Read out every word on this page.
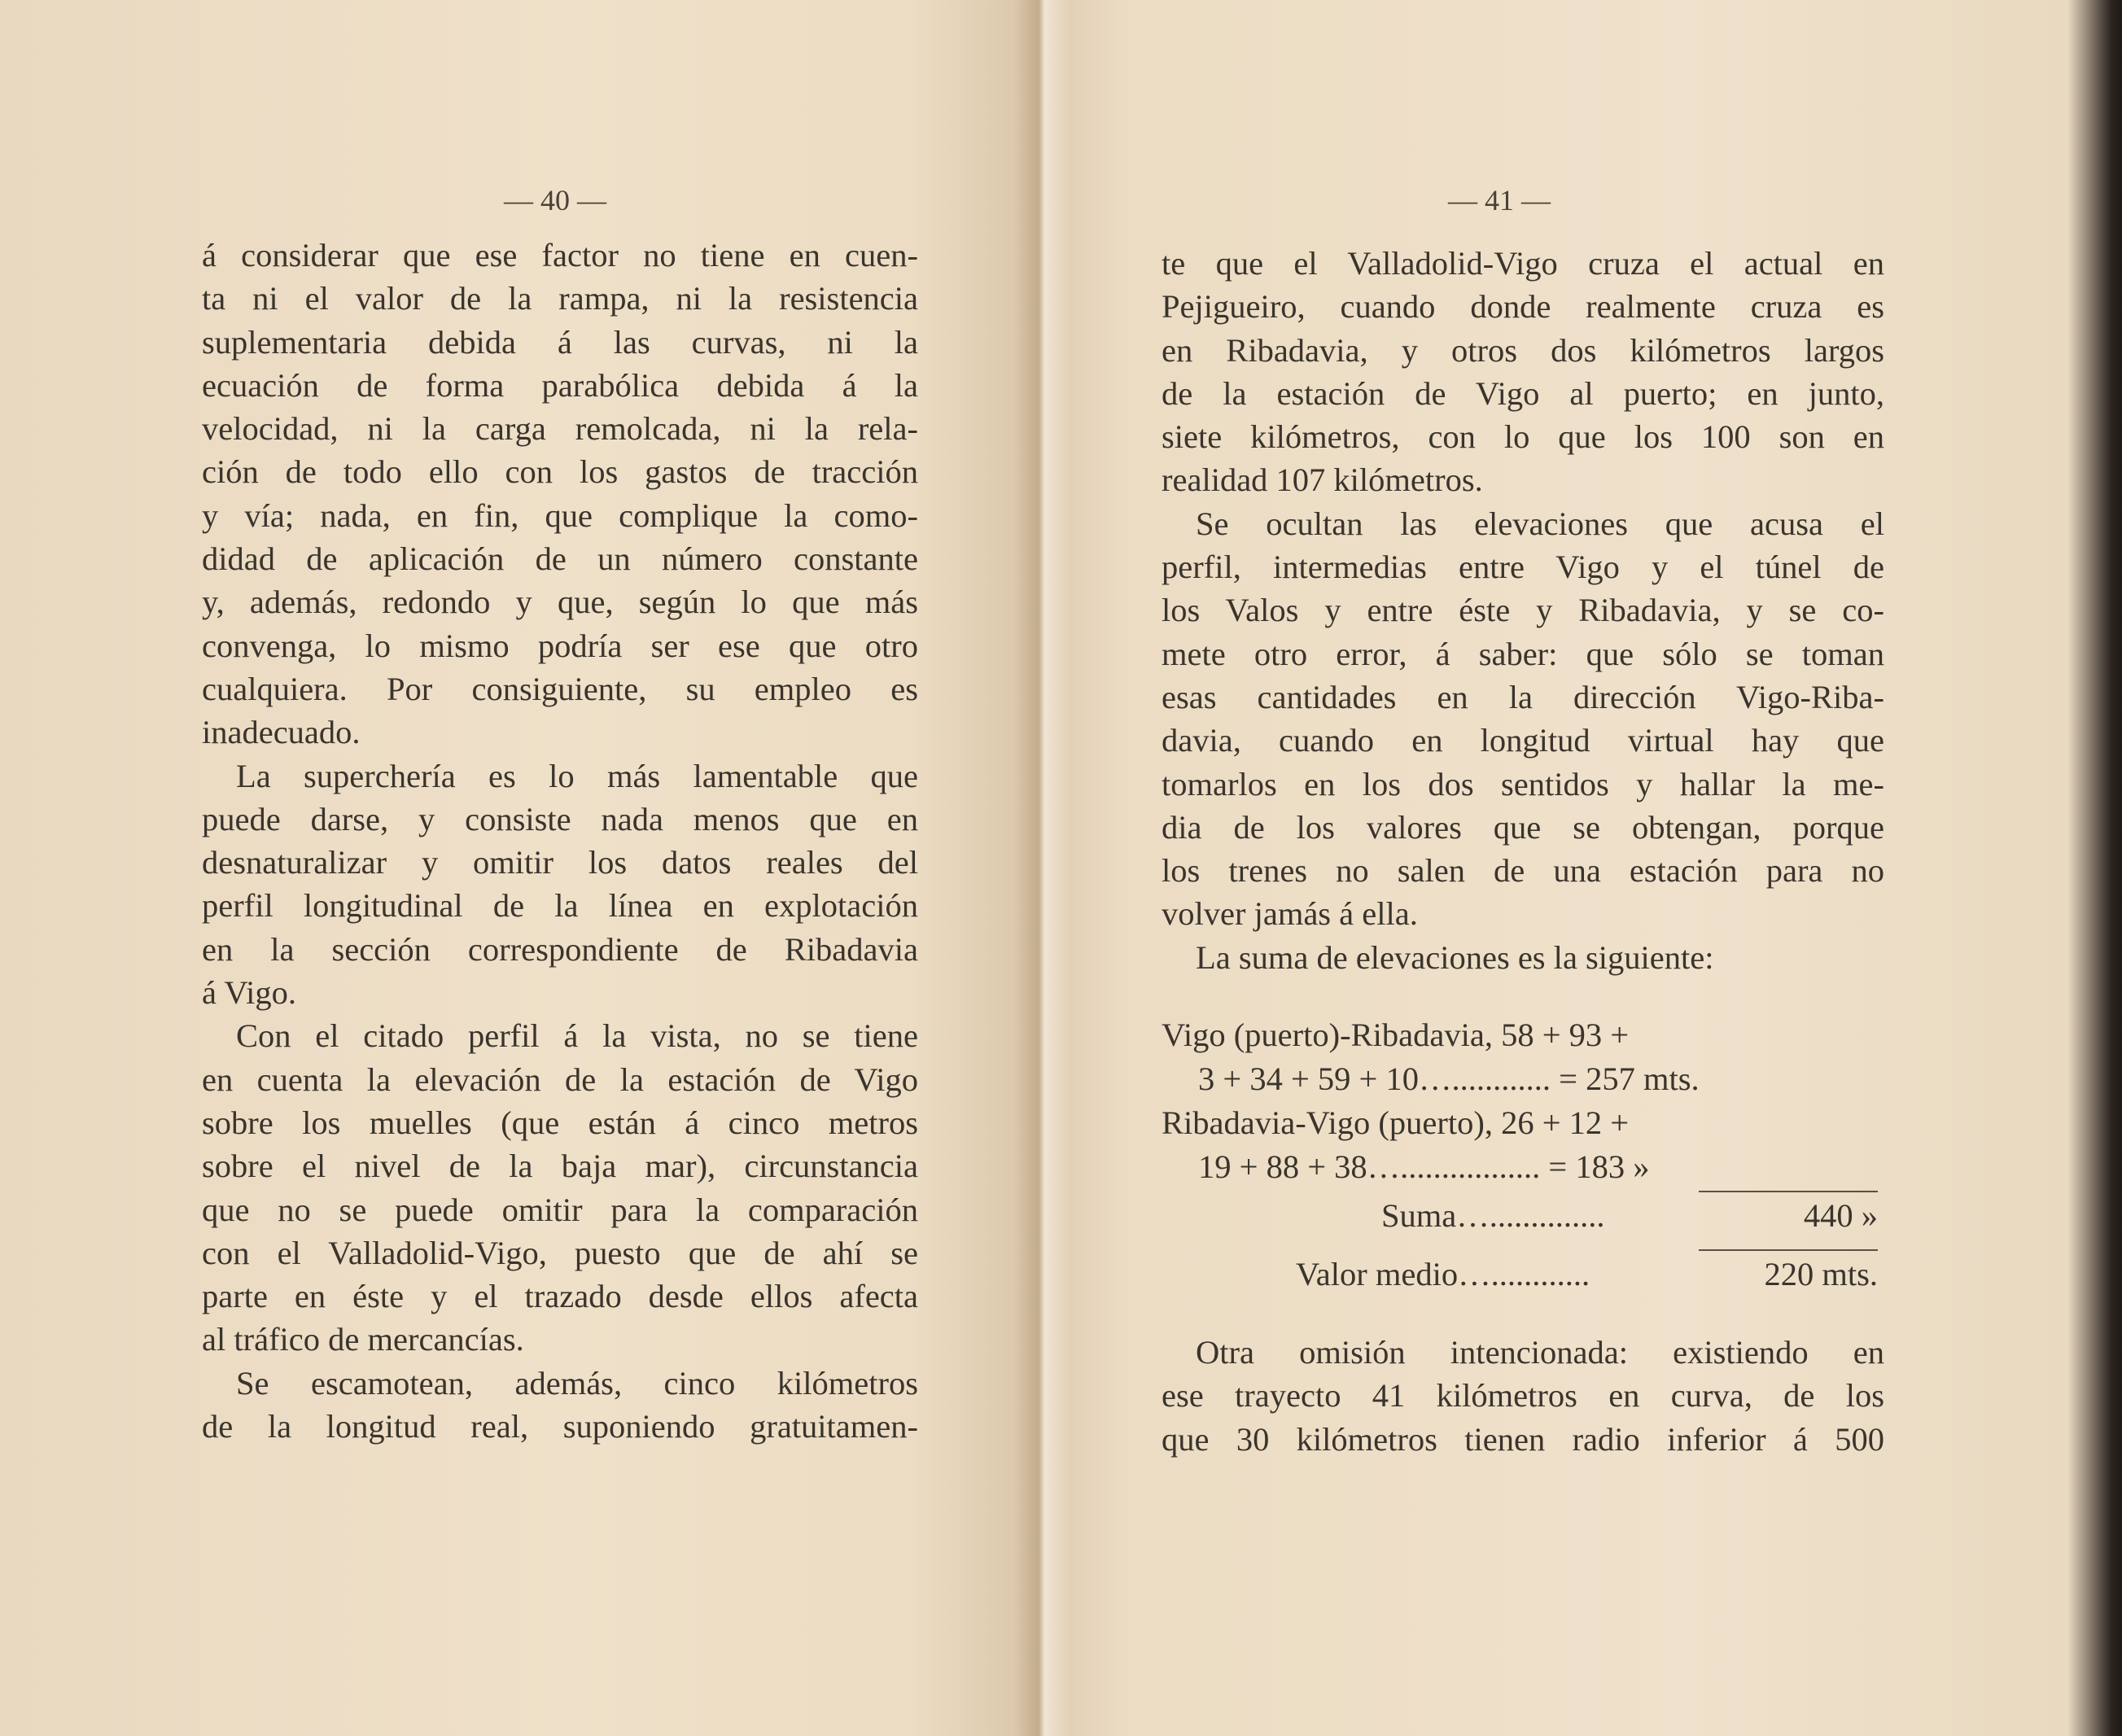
— 40 —

á considerar que ese factor no tiene en cuen-
ta ni el valor de la rampa, ni la resistencia
suplementaria debida á las curvas, ni la
ecuación de forma parabólica debida á la
velocidad, ni la carga remolcada, ni la rela-
ción de todo ello con los gastos de tracción
y vía; nada, en fin, que complique la como-
didad de aplicación de un número constante
y, además, redondo y que, según lo que más
convenga, lo mismo podría ser ese que otro
cualquiera. Por consiguiente, su empleo es
inadecuado.

La superchería es lo más lamentable que
puede darse, y consiste nada menos que en
desnaturalizar y omitir los datos reales del
perfil longitudinal de la línea en explotación
en la sección correspondiente de Ribadavia
á Vigo.

Con el citado perfil á la vista, no se tiene
en cuenta la elevación de la estación de Vigo
sobre los muelles (que están á cinco metros
sobre el nivel de la baja mar), circunstancia
que no se puede omitir para la comparación
con el Valladolid-Vigo, puesto que de ahí se
parte en éste y el trazado desde ellos afecta
al tráfico de mercancías.

Se escamotean, además, cinco kilómetros
de la longitud real, suponiendo gratuitamen-

— 41 —

te que el Valladolid-Vigo cruza el actual en
Pejigueiro, cuando donde realmente cruza es
en Ribadavia, y otros dos kilómetros largos
de la estación de Vigo al puerto; en junto,
siete kilómetros, con lo que los 100 son en
realidad 107 kilómetros.

Se ocultan las elevaciones que acusa el
perfil, intermedias entre Vigo y el túnel de
los Valos y entre éste y Ribadavia, y se co-
mete otro error, á saber: que sólo se toman
esas cantidades en la dirección Vigo-Riba-
davia, cuando en longitud virtual hay que
tomarlos en los dos sentidos y hallar la me-
dia de los valores que se obtengan, porque
los trenes no salen de una estación para no
volver jamás á ella.

La suma de elevaciones es la siguiente:

Vigo (puerto)-Ribadavia, 58 + 93 +
3 + 34 + 59 + 10…............ = 257 mts.
Ribadavia-Vigo (puerto), 26 + 12 +
19 + 88 + 38…................. = 183 »
Suma…..............	440 »
Valor medio…............	220 mts.

Otra omisión intencionada: existiendo en
ese trayecto 41 kilómetros en curva, de los
que 30 kilómetros tienen radio inferior á 500
